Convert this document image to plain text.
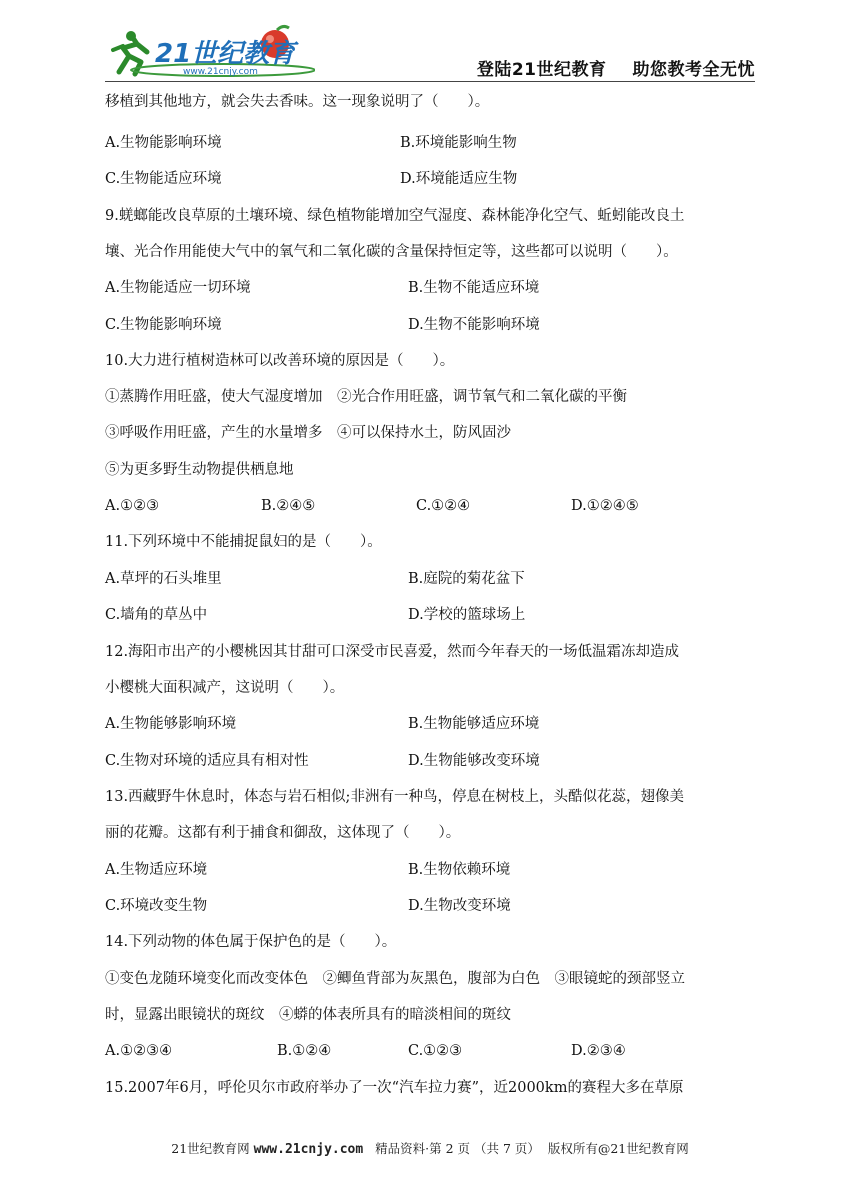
21世纪教育
www.21cnjy.com	登陆21世纪教育 助您教考全无忧
移植到其他地方，就会失去香味。这一现象说明了（　　）。
A.生物能影响环境	B.环境能影响生物
C.生物能适应环境	D.环境能适应生物
9.蜣螂能改良草原的土壤环境、绿色植物能增加空气湿度、森林能净化空气、蚯蚓能改良土
壤、光合作用能使大气中的氧气和二氧化碳的含量保持恒定等，这些都可以说明（　　）。
A.生物能适应一切环境	B.生物不能适应环境
C.生物能影响环境	D.生物不能影响环境
10.大力进行植树造林可以改善环境的原因是（　　）。
①蒸腾作用旺盛，使大气湿度增加　②光合作用旺盛，调节氧气和二氧化碳的平衡
③呼吸作用旺盛，产生的水量增多　④可以保持水土，防风固沙
⑤为更多野生动物提供栖息地
A.①②③	B.②④⑤	C.①②④	D.①②④⑤
11.下列环境中不能捕捉鼠妇的是（　　）。
A.草坪的石头堆里	B.庭院的菊花盆下
C.墙角的草丛中	D.学校的篮球场上
12.海阳市出产的小樱桃因其甘甜可口深受市民喜爱，然而今年春天的一场低温霜冻却造成
小樱桃大面积减产，这说明（　　）。
A.生物能够影响环境	B.生物能够适应环境
C.生物对环境的适应具有相对性	D.生物能够改变环境
13.西藏野牛休息时，体态与岩石相似;非洲有一种鸟，停息在树枝上，头酷似花蕊，翅像美
丽的花瓣。这都有利于捕食和御敌，这体现了（　　）。
A.生物适应环境	B.生物依赖环境
C.环境改变生物	D.生物改变环境
14.下列动物的体色属于保护色的是（　　）。
①变色龙随环境变化而改变体色　②鲫鱼背部为灰黑色，腹部为白色　③眼镜蛇的颈部竖立
时，显露出眼镜状的斑纹　④蟒的体表所具有的暗淡相间的斑纹
A.①②③④	B.①②④	C.①②③	D.②③④
15.2007年6月，呼伦贝尔市政府举办了一次“汽车拉力赛”，近2000km的赛程大多在草原
21世纪教育网 www.21cnjy.com 精品资料·第 2 页 （共 7 页） 版权所有@21世纪教育网
